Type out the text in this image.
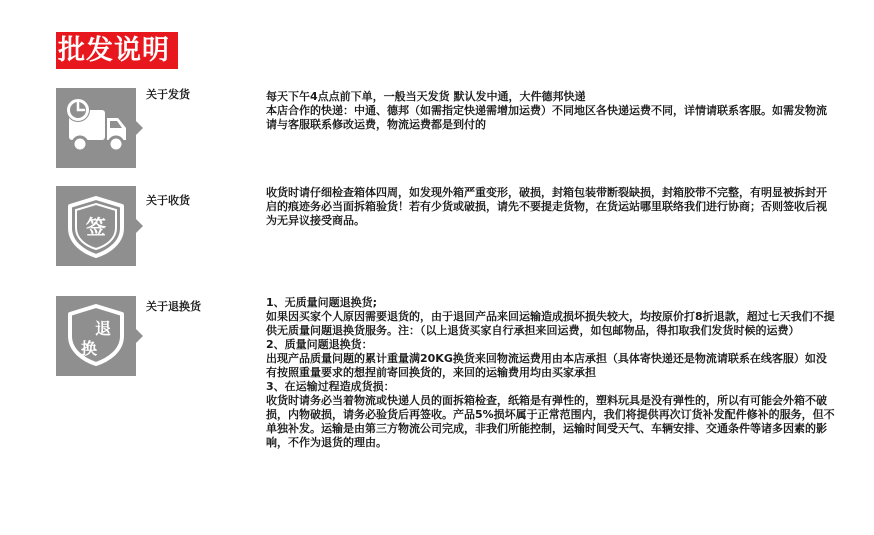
批发说明
关于发货	每天下午4点点前下单，一般当天发货 默认发中通，大件德邦快递

本店合作的快递：中通、德邦（如需指定快递需增加运费）不同地区各快递运费不同，详情请联系客服。如需发物流请与客服联系修改运费，物流运费都是到付的

签
关于收货

收货时请仔细检查箱体四周，如发现外箱严重变形，破损，封箱包装带断裂缺损，封箱胶带不完整，有明显被拆封开启的痕迹务必当面拆箱验货！若有少货或破损，请先不要提走货物，在货运站哪里联络我们进行协商；否则签收后视为无异议接受商品。

退
换
关于退换货	1、无质量问题退换货;

如果因买家个人原因需要退货的，由于退回产品来回运输造成损坏损失较大，均按原价打8折退款，超过七天我们不提供无质量问题退换货服务。注：（以上退货买家自行承担来回运费，如包邮物品，得扣取我们发货时候的运费）

2、质量问题退换货：

出现产品质量问题的累计重量满20KG换货来回物流运费用由本店承担（具体寄快递还是物流请联系在线客服）如没有按照重量要求的想捏前寄回换货的，来回的运输费用均由买家承担

3、在运输过程造成货损：

收货时请务必当着物流或快递人员的面拆箱检查，纸箱是有弹性的，塑料玩具是没有弹性的，所以有可能会外箱不破损，内物破损，请务必验货后再签收。产品5%损坏属于正常范围内，我们将提供再次订货补发配件修补的服务，但不单独补发。运输是由第三方物流公司完成，非我们所能控制，运输时间受天气、车辆安排、交通条件等诸多因素的影响，不作为退货的理由。
